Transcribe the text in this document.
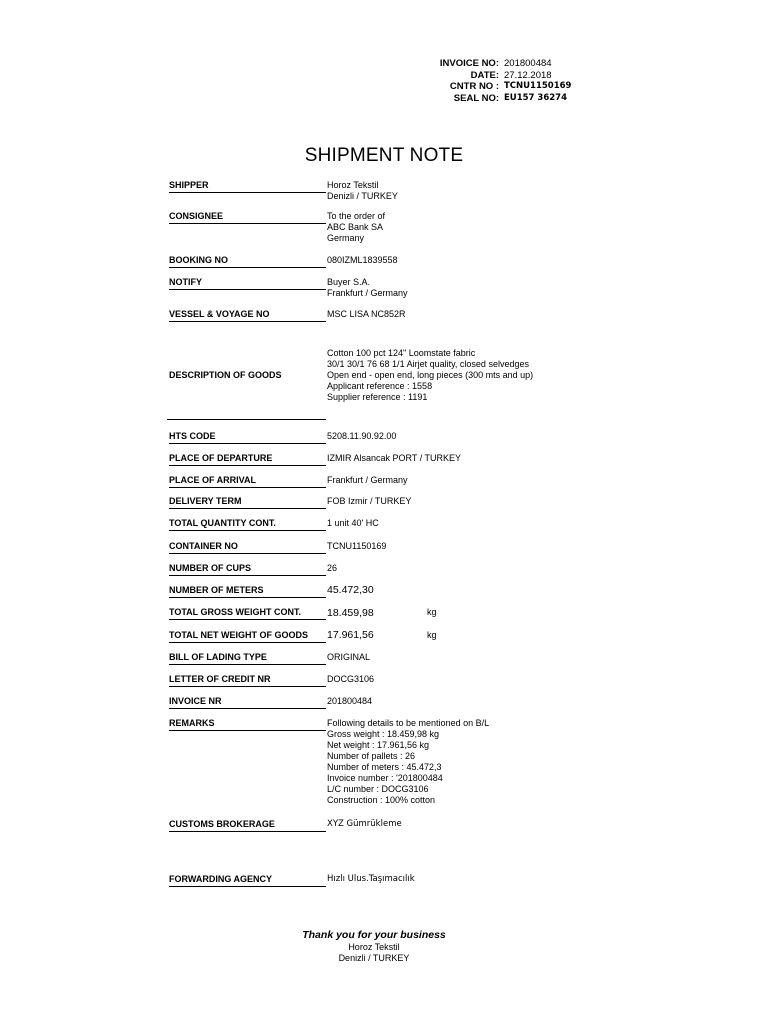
INVOICE NO: 201800484
DATE: 27.12.2018
CNTR NO : TCNU1150169
SEAL NO: EU157 36274
SHIPMENT NOTE
SHIPPER	Horoz Tekstil
Denizli / TURKEY
CONSIGNEE	To the order of
ABC Bank SA
Germany
BOOKING NO	080IZML1839558
NOTIFY	Buyer S.A.
Frankfurt / Germany
VESSEL & VOYAGE NO	MSC LISA NC852R
DESCRIPTION OF GOODS
Cotton 100 pct 124" Loomstate fabric
30/1 30/1 76 68 1/1 Airjet quality, closed selvedges
Open end - open end, long pieces (300 mts and up)
Applicant reference : 1558
Supplier reference : 1191
HTS CODE	5208.11.90.92.00
PLACE OF DEPARTURE	IZMIR Alsancak PORT / TURKEY
PLACE OF ARRIVAL	Frankfurt / Germany
DELIVERY TERM	FOB Izmir / TURKEY
TOTAL QUANTITY CONT.	1 unit 40' HC
CONTAINER NO	TCNU1150169
NUMBER OF CUPS	26
NUMBER OF METERS	45.472,30
TOTAL GROSS WEIGHT CONT.	18.459,98	kg
TOTAL NET WEIGHT OF GOODS	17.961,56	kg
BILL OF LADING TYPE	ORIGINAL
LETTER OF CREDIT NR	DOCG3106
INVOICE NR	201800484
REMARKS	Following details to be mentioned on B/L
Gross weight : 18.459,98 kg
Net weight : 17.961,56 kg
Number of pallets : 26
Number of meters : 45.472,3
Invoice number : '201800484
L/C number : DOCG3106
Construction : 100% cotton
CUSTOMS BROKERAGE	XYZ Gümrükleme
FORWARDING AGENCY	Hızlı Ulus.Taşımacılık
Thank you for your business
Horoz Tekstil
Denizli / TURKEY
